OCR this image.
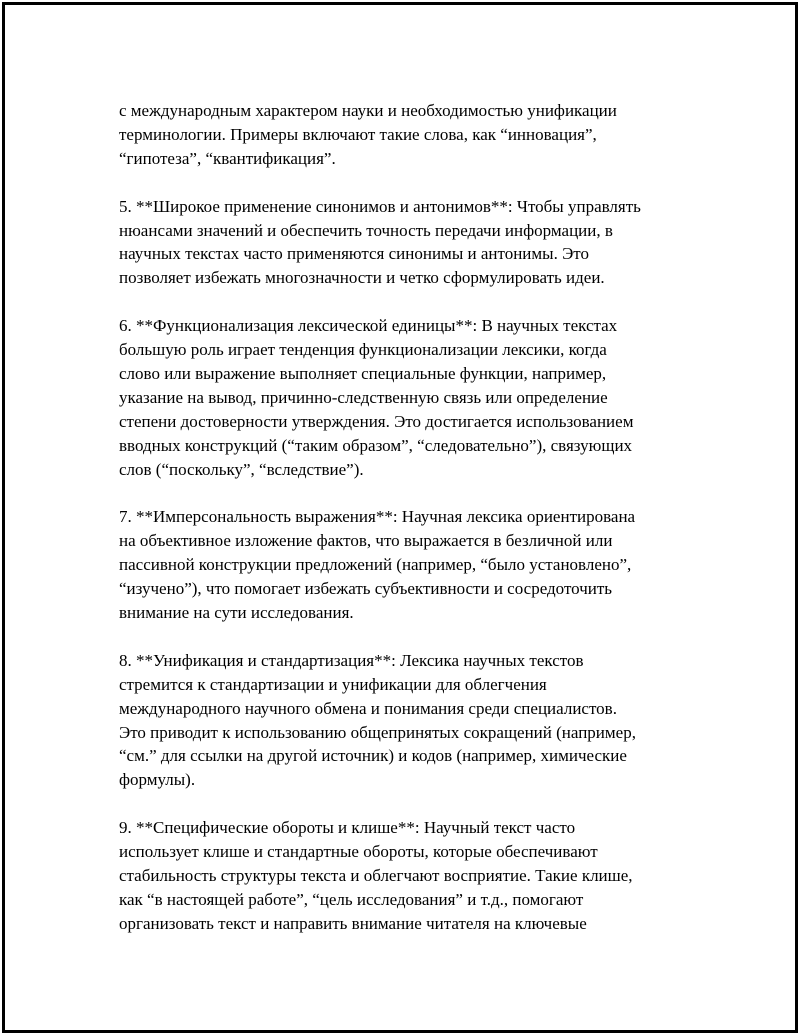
с международным характером науки и необходимостью унификации
терминологии. Примеры включают такие слова, как “инновация”,
“гипотеза”, “квантификация”.

5. **Широкое применение синонимов и антонимов**: Чтобы управлять
нюансами значений и обеспечить точность передачи информации, в
научных текстах часто применяются синонимы и антонимы. Это
позволяет избежать многозначности и четко сформулировать идеи.

6. **Функционализация лексической единицы**: В научных текстах
большую роль играет тенденция функционализации лексики, когда
слово или выражение выполняет специальные функции, например,
указание на вывод, причинно-следственную связь или определение
степени достоверности утверждения. Это достигается использованием
вводных конструкций (“таким образом”, “следовательно”), связующих
слов (“поскольку”, “вследствие”).

7. **Имперсональность выражения**: Научная лексика ориентирована
на объективное изложение фактов, что выражается в безличной или
пассивной конструкции предложений (например, “было установлено”,
“изучено”), что помогает избежать субъективности и сосредоточить
внимание на сути исследования.

8. **Унификация и стандартизация**: Лексика научных текстов
стремится к стандартизации и унификации для облегчения
международного научного обмена и понимания среди специалистов.
Это приводит к использованию общепринятых сокращений (например,
“см.” для ссылки на другой источник) и кодов (например, химические
формулы).

9. **Специфические обороты и клише**: Научный текст часто
использует клише и стандартные обороты, которые обеспечивают
стабильность структуры текста и облегчают восприятие. Такие клише,
как “в настоящей работе”, “цель исследования” и т.д., помогают
организовать текст и направить внимание читателя на ключевые
